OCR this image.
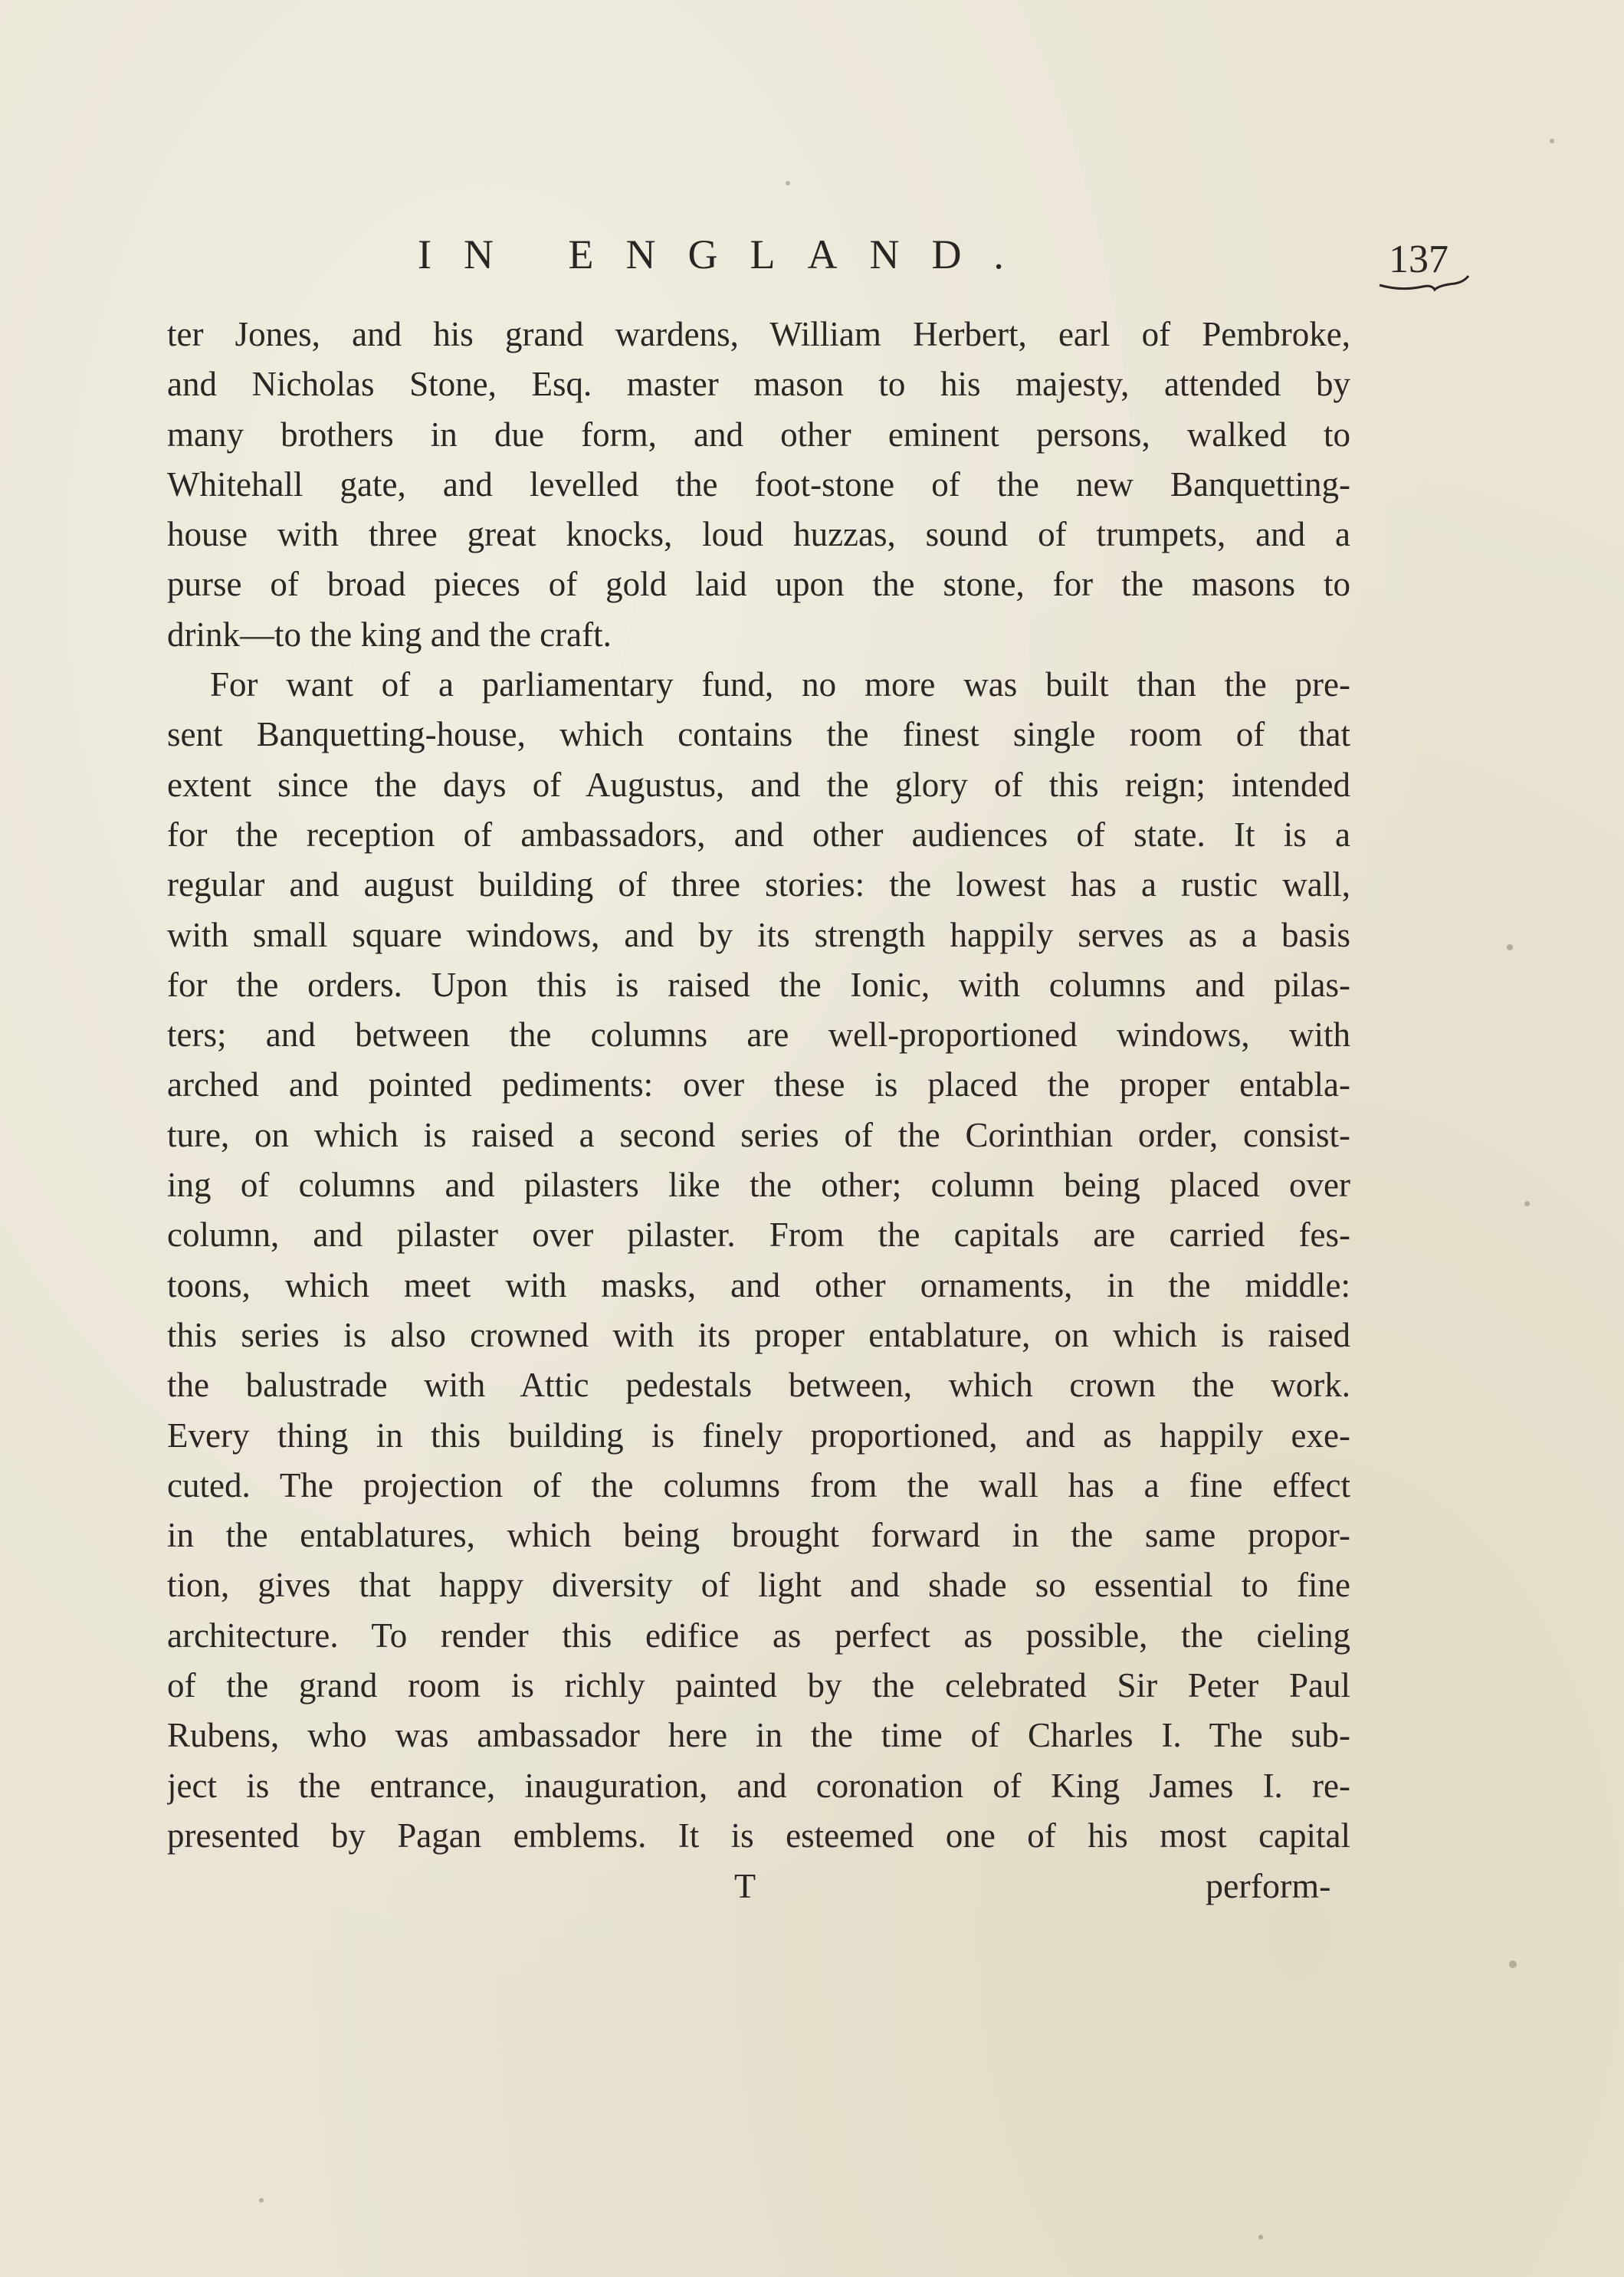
IN ENGLAND.	137
ter Jones, and his grand wardens, William Herbert, earl of Pembroke,
and Nicholas Stone, Esq. master mason to his majesty, attended by
many brothers in due form, and other eminent persons, walked to
Whitehall gate, and levelled the foot-stone of the new Banquetting-
house with three great knocks, loud huzzas, sound of trumpets, and a
purse of broad pieces of gold laid upon the stone, for the masons to
drink—to the king and the craft.
For want of a parliamentary fund, no more was built than the pre-
sent Banquetting-house, which contains the finest single room of that
extent since the days of Augustus, and the glory of this reign; intended
for the reception of ambassadors, and other audiences of state. It is a
regular and august building of three stories: the lowest has a rustic wall,
with small square windows, and by its strength happily serves as a basis
for the orders. Upon this is raised the Ionic, with columns and pilas-
ters; and between the columns are well-proportioned windows, with
arched and pointed pediments: over these is placed the proper entabla-
ture, on which is raised a second series of the Corinthian order, consist-
ing of columns and pilasters like the other; column being placed over
column, and pilaster over pilaster. From the capitals are carried fes-
toons, which meet with masks, and other ornaments, in the middle:
this series is also crowned with its proper entablature, on which is raised
the balustrade with Attic pedestals between, which crown the work.
Every thing in this building is finely proportioned, and as happily exe-
cuted. The projection of the columns from the wall has a fine effect
in the entablatures, which being brought forward in the same propor-
tion, gives that happy diversity of light and shade so essential to fine
architecture. To render this edifice as perfect as possible, the cieling
of the grand room is richly painted by the celebrated Sir Peter Paul
Rubens, who was ambassador here in the time of Charles I. The sub-
ject is the entrance, inauguration, and coronation of King James I. re-
presented by Pagan emblems. It is esteemed one of his most capital
T	perform-
